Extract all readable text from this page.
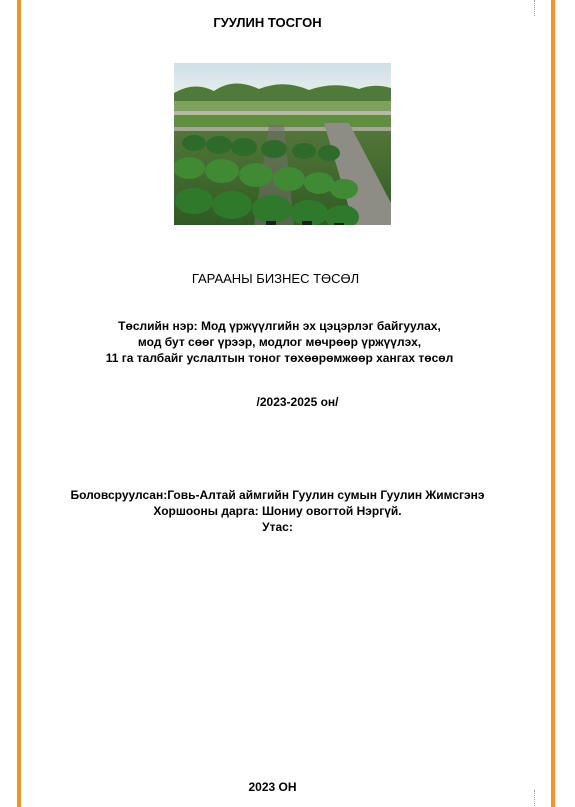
ГУУЛИН ТОСГОН
ГАРААНЫ БИЗНЕС ТӨСӨЛ
Төслийн нэр: Мод үржүүлгийн эх цэцэрлэг байгуулах,
мод бут сөөг үрээр, модлог мөчрөөр үржүүлэх,
11 га талбайг услалтын тоног төхөөрөмжөөр хангах төсөл
/2023-2025 он/
Боловсруулсан:Говь-Алтай аймгийн Гуулин сумын Гуулин Жимсгэнэ
Хоршооны дарга: Шониу овогтой Нэргүй.
Утас:
2023 ОН
